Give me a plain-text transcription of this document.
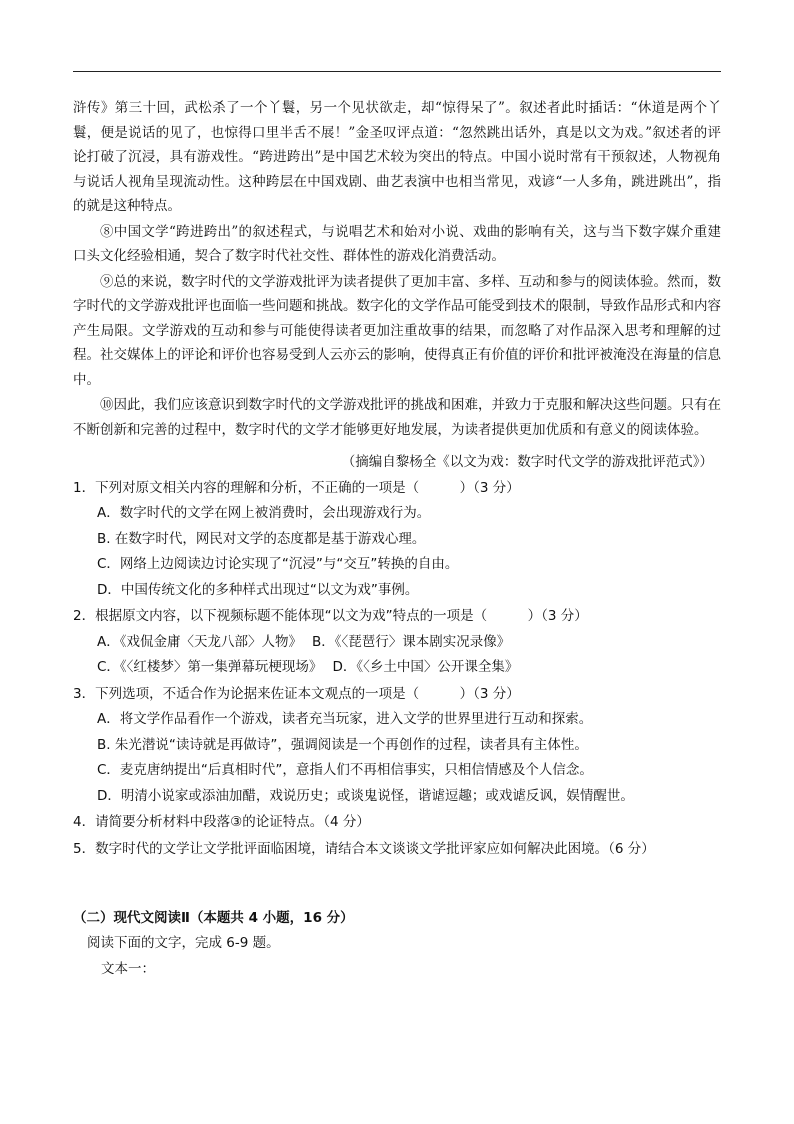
浒传》第三十回，武松杀了一个丫鬟，另一个见状欲走，却“惊得呆了”。叙述者此时插话：“休道是两个丫鬟，便是说话的见了，也惊得口里半舌不展！”金圣叹评点道：“忽然跳出话外，真是以文为戏。”叙述者的评论打破了沉浸，具有游戏性。“跨进跨出”是中国艺术较为突出的特点。中国小说时常有干预叙述，人物视角与说话人视角呈现流动性。这种跨层在中国戏剧、曲艺表演中也相当常见，戏谚“一人多角，跳进跳出”，指的就是这种特点。

⑧中国文学“跨进跨出”的叙述程式，与说唱艺术和始对小说、戏曲的影响有关，这与当下数字媒介重建口头文化经验相通，契合了数字时代社交性、群体性的游戏化消费活动。

⑨总的来说，数字时代的文学游戏批评为读者提供了更加丰富、多样、互动和参与的阅读体验。然而，数字时代的文学游戏批评也面临一些问题和挑战。数字化的文学作品可能受到技术的限制，导致作品形式和内容产生局限。文学游戏的互动和参与可能使得读者更加注重故事的结果，而忽略了对作品深入思考和理解的过程。社交媒体上的评论和评价也容易受到人云亦云的影响，使得真正有价值的评价和批评被淹没在海量的信息中。

⑩因此，我们应该意识到数字时代的文学游戏批评的挑战和困难，并致力于克服和解决这些问题。只有在不断创新和完善的过程中，数字时代的文学才能够更好地发展，为读者提供更加优质和有意义的阅读体验。

（摘编自黎杨全《以文为戏：数字时代文学的游戏批评范式》）
1．下列对原文相关内容的理解和分析，不正确的一项是（　　　）（3 分）
A．数字时代的文学在网上被消费时，会出现游戏行为。
B. 在数字时代，网民对文学的态度都是基于游戏心理。
C．网络上边阅读边讨论实现了“沉浸”与“交互”转换的自由。
D．中国传统文化的多种样式出现过“以文为戏”事例。
2．根据原文内容，以下视频标题不能体现“以文为戏”特点的一项是（　　　）（3 分）
A．《戏侃金庸〈天龙八部〉人物》 B．《〈琵琶行〉课本剧实况录像》
C．《〈红楼梦〉第一集弹幕玩梗现场》 D．《〈乡土中国〉公开课全集》
3．下列选项，不适合作为论据来佐证本文观点的一项是（　　　）（3 分）
A．将文学作品看作一个游戏，读者充当玩家，进入文学的世界里进行互动和探索。
B. 朱光潜说“读诗就是再做诗”，强调阅读是一个再创作的过程，读者具有主体性。
C．麦克唐纳提出“后真相时代”，意指人们不再相信事实，只相信情感及个人信念。
D．明清小说家或添油加醋，戏说历史；或谈鬼说怪，谐谑逗趣；或戏谑反讽，娱情醒世。
4．请简要分析材料中段落③的论证特点。（4 分）
5．数字时代的文学让文学批评面临困境，请结合本文谈谈文学批评家应如何解决此困境。（6 分）
（二）现代文阅读Ⅱ（本题共 4 小题，16 分）
阅读下面的文字，完成 6-9 题。
文本一：
